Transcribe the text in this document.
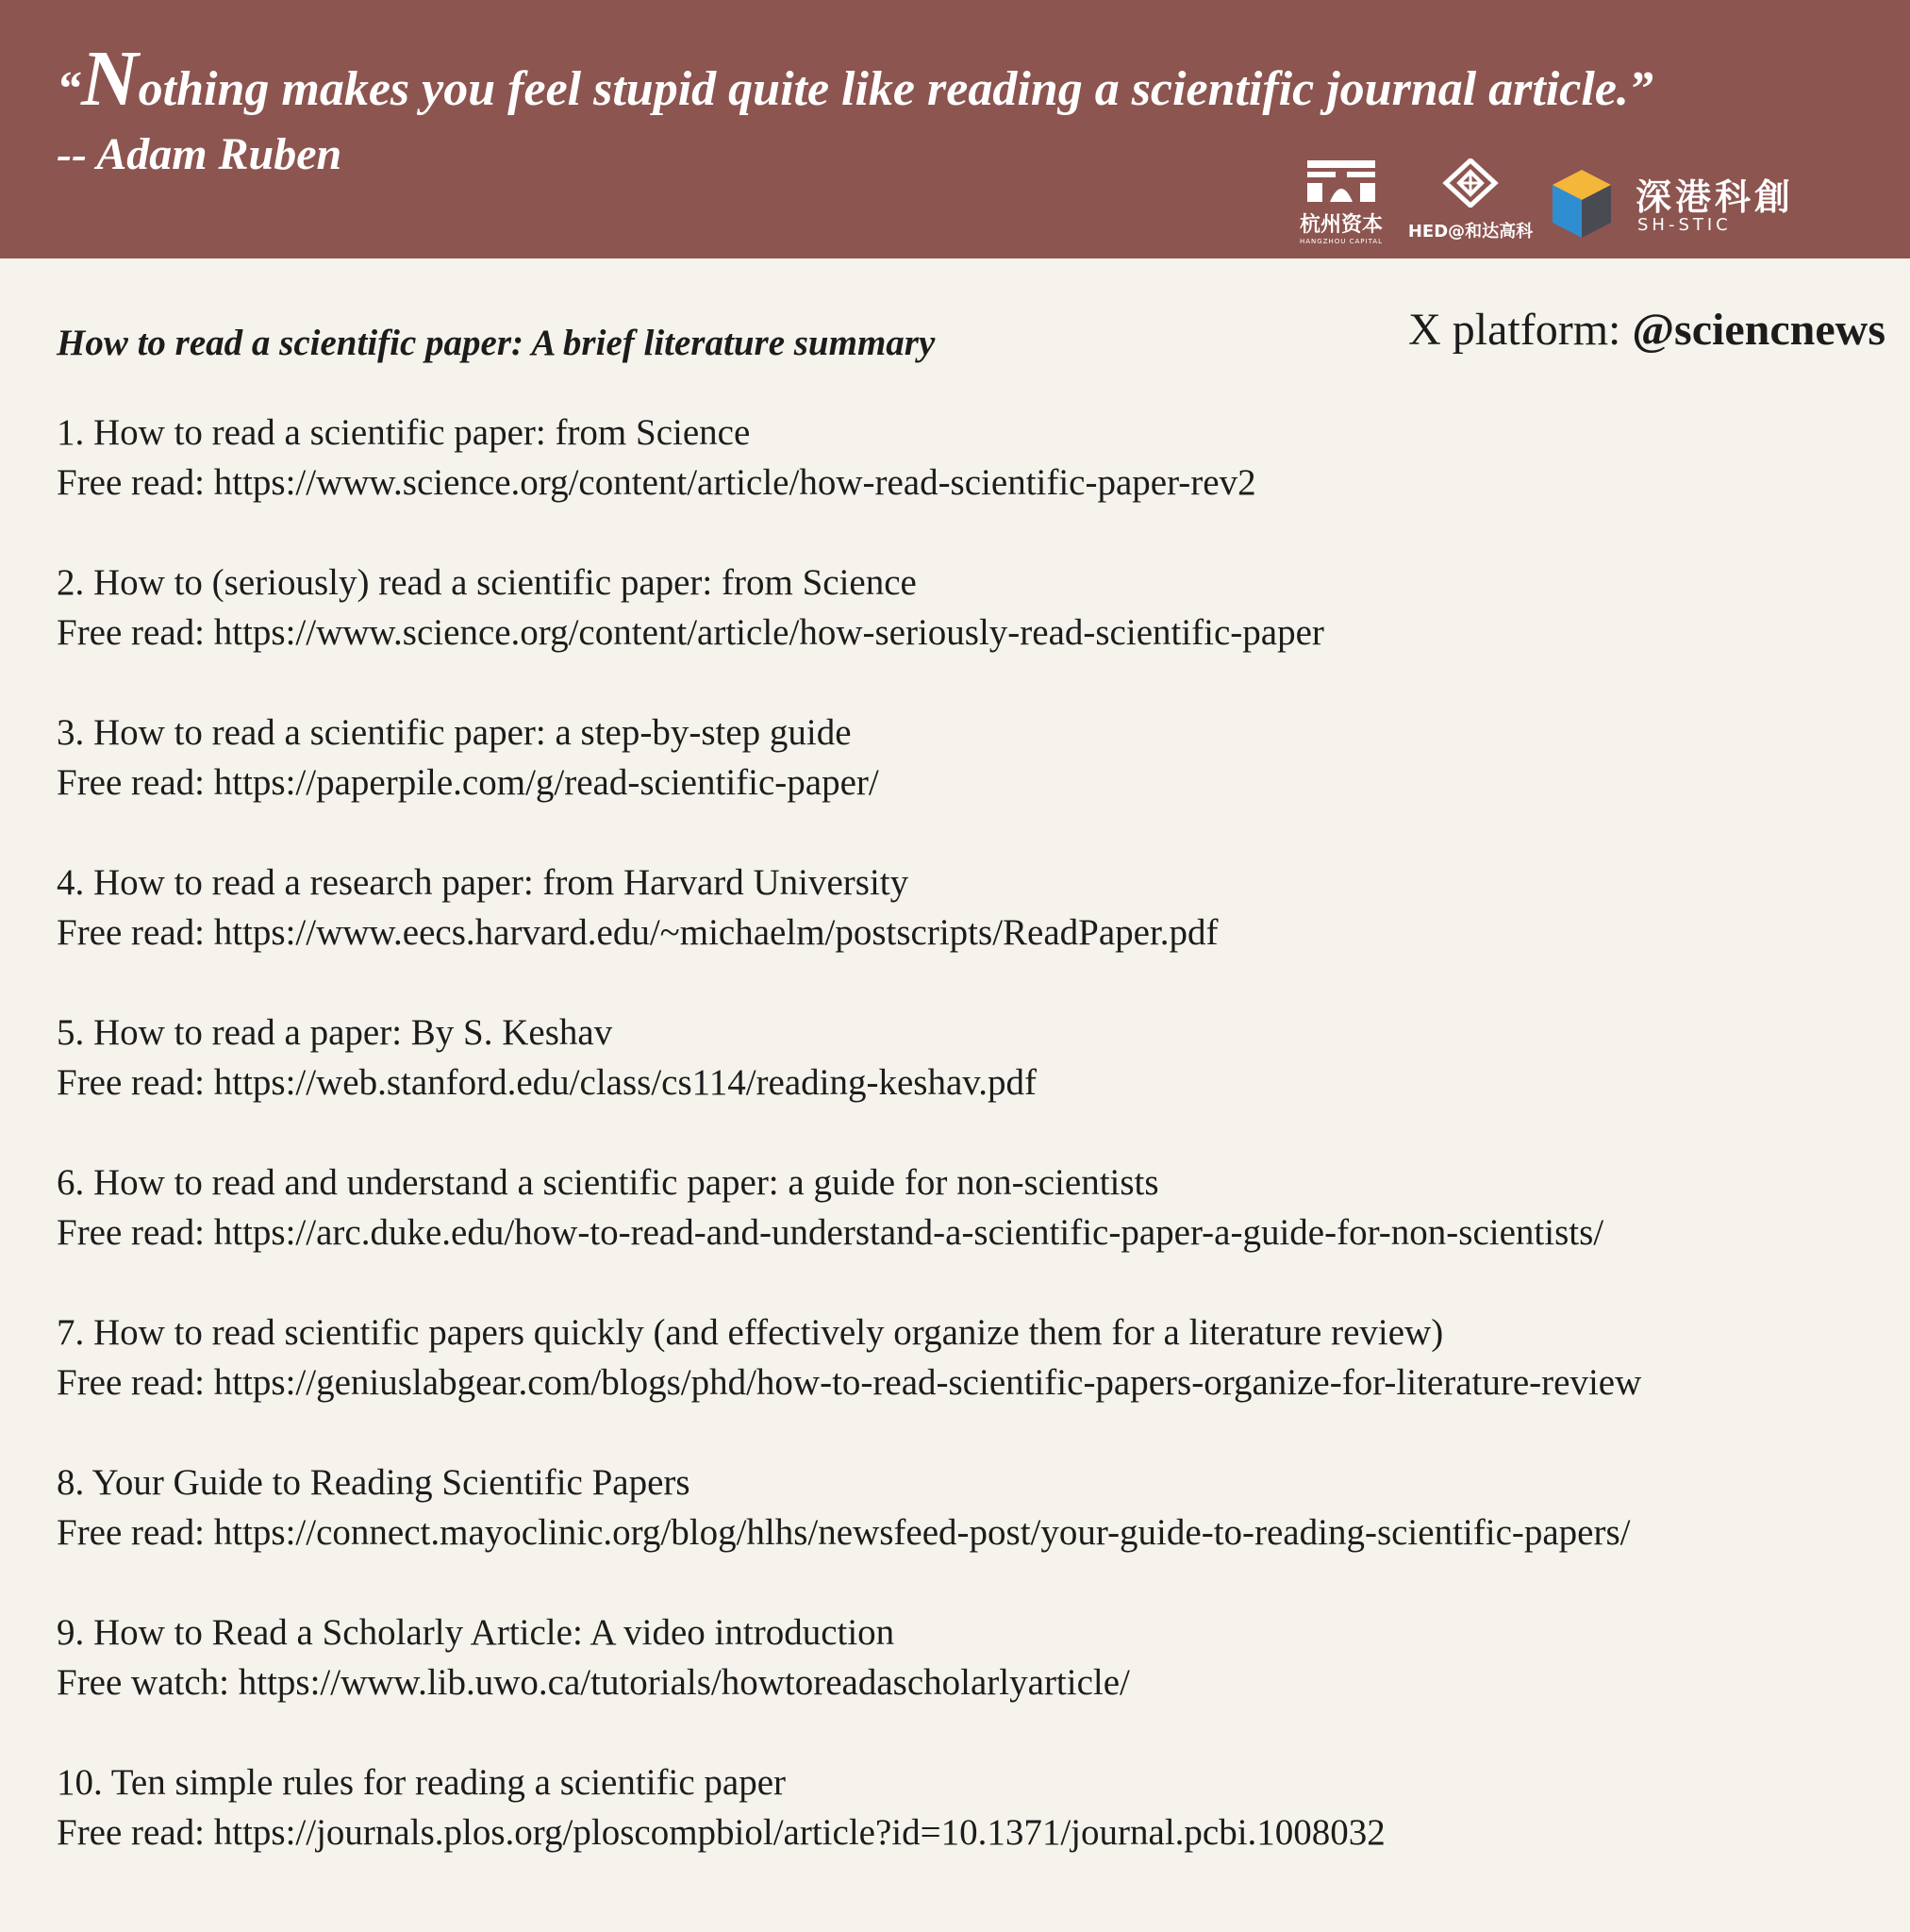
“Nothing makes you feel stupid quite like reading a scientific journal article.”
-- Adam Ruben
杭州资本
HANGZHOU CAPITAL	HED@和达高科
深港科創
SH-STIC
How to read a scientific paper: A brief literature summary	X platform: @sciencnews
1. How to read a scientific paper: from Science
Free read: https://www.science.org/content/article/how-read-scientific-paper-rev2
2. How to (seriously) read a scientific paper: from Science
Free read: https://www.science.org/content/article/how-seriously-read-scientific-paper
3. How to read a scientific paper: a step-by-step guide
Free read: https://paperpile.com/g/read-scientific-paper/
4. How to read a research paper: from Harvard University
Free read: https://www.eecs.harvard.edu/~michaelm/postscripts/ReadPaper.pdf
5. How to read a paper: By S. Keshav
Free read: https://web.stanford.edu/class/cs114/reading-keshav.pdf
6. How to read and understand a scientific paper: a guide for non-scientists
Free read: https://arc.duke.edu/how-to-read-and-understand-a-scientific-paper-a-guide-for-non-scientists/
7. How to read scientific papers quickly (and effectively organize them for a literature review)
Free read: https://geniuslabgear.com/blogs/phd/how-to-read-scientific-papers-organize-for-literature-review
8. Your Guide to Reading Scientific Papers
Free read: https://connect.mayoclinic.org/blog/hlhs/newsfeed-post/your-guide-to-reading-scientific-papers/
9. How to Read a Scholarly Article: A video introduction
Free watch: https://www.lib.uwo.ca/tutorials/howtoreadascholarlyarticle/
10. Ten simple rules for reading a scientific paper
Free read: https://journals.plos.org/ploscompbiol/article?id=10.1371/journal.pcbi.1008032
